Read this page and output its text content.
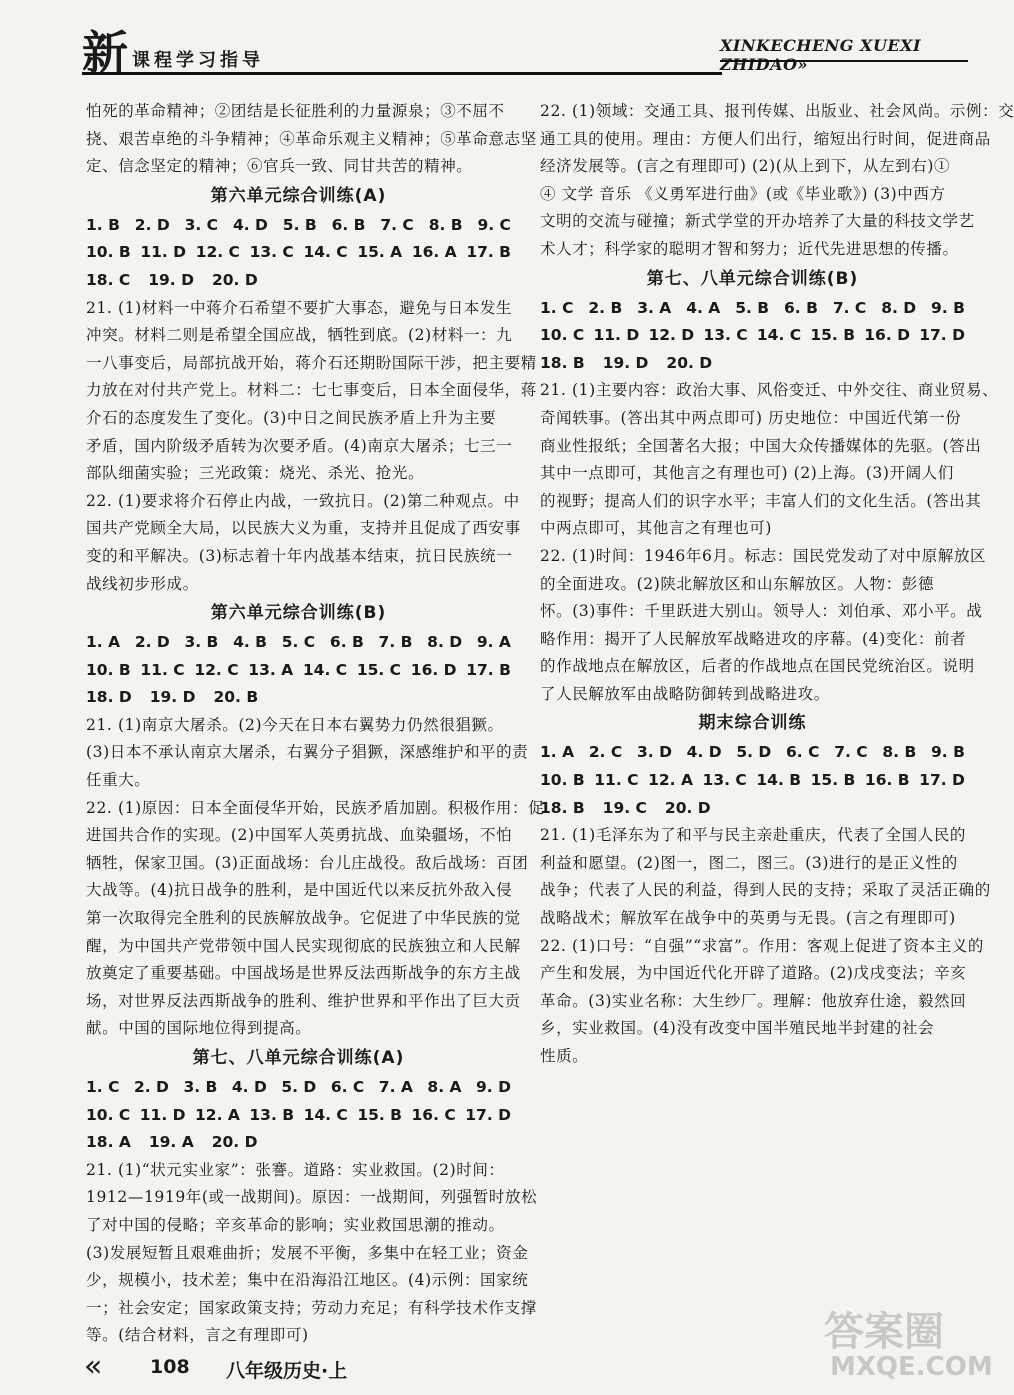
新 课程学习指导
XINKECHENG XUEXI ZHIDAO»
怕死的革命精神；②团结是长征胜利的力量源泉；③不屈不
挠、艰苦卓绝的斗争精神；④革命乐观主义精神；⑤革命意志坚
定、信念坚定的精神；⑥官兵一致、同甘共苦的精神。
第六单元综合训练(A)
1. B 2. D 3. C 4. D 5. B 6. B 7. C 8. B 9. C
10. B 11. D 12. C 13. C 14. C 15. A 16. A 17. B
18. C 19. D 20. D
21. (1)材料一中蒋介石希望不要扩大事态，避免与日本发生
冲突。材料二则是希望全国应战，牺牲到底。(2)材料一：九
一八事变后，局部抗战开始，蒋介石还期盼国际干涉，把主要精
力放在对付共产党上。材料二：七七事变后，日本全面侵华，蒋
介石的态度发生了变化。(3)中日之间民族矛盾上升为主要
矛盾，国内阶级矛盾转为次要矛盾。(4)南京大屠杀；七三一
部队细菌实验；三光政策：烧光、杀光、抢光。
22. (1)要求将介石停止内战，一致抗日。(2)第二种观点。中
国共产党顾全大局，以民族大义为重，支持并且促成了西安事
变的和平解决。(3)标志着十年内战基本结束，抗日民族统一
战线初步形成。
第六单元综合训练(B)
1. A 2. D 3. B 4. B 5. C 6. B 7. B 8. D 9. A
10. B 11. C 12. C 13. A 14. C 15. C 16. D 17. B
18. D 19. D 20. B
21. (1)南京大屠杀。(2)今天在日本右翼势力仍然很猖獗。
(3)日本不承认南京大屠杀，右翼分子猖獗，深感维护和平的责
任重大。
22. (1)原因：日本全面侵华开始，民族矛盾加剧。积极作用：促
进国共合作的实现。(2)中国军人英勇抗战、血染疆场，不怕
牺牲，保家卫国。(3)正面战场：台儿庄战役。敌后战场：百团
大战等。(4)抗日战争的胜利，是中国近代以来反抗外敌入侵
第一次取得完全胜利的民族解放战争。它促进了中华民族的觉
醒，为中国共产党带领中国人民实现彻底的民族独立和人民解
放奠定了重要基础。中国战场是世界反法西斯战争的东方主战
场，对世界反法西斯战争的胜利、维护世界和平作出了巨大贡
献。中国的国际地位得到提高。
第七、八单元综合训练(A)
1. C 2. D 3. B 4. D 5. D 6. C 7. A 8. A 9. D
10. C 11. D 12. A 13. B 14. C 15. B 16. C 17. D
18. A 19. A 20. D
21. (1)“状元实业家”：张謇。道路：实业救国。(2)时间：
1912—1919年(或一战期间)。原因：一战期间，列强暂时放松
了对中国的侵略；辛亥革命的影响；实业救国思潮的推动。
(3)发展短暂且艰难曲折；发展不平衡，多集中在轻工业；资金
少，规模小，技术差；集中在沿海沿江地区。(4)示例：国家统
一；社会安定；国家政策支持；劳动力充足；有科学技术作支撑
等。(结合材料，言之有理即可)
22. (1)领域：交通工具、报刊传媒、出版业、社会风尚。示例：交
通工具的使用。理由：方便人们出行，缩短出行时间，促进商品
经济发展等。(言之有理即可) (2)(从上到下，从左到右)①
④ 文学 音乐 《义勇军进行曲》(或《毕业歌》) (3)中西方
文明的交流与碰撞；新式学堂的开办培养了大量的科技文学艺
术人才；科学家的聪明才智和努力；近代先进思想的传播。
第七、八单元综合训练(B)
1. C 2. B 3. A 4. A 5. B 6. B 7. C 8. D 9. B
10. C 11. D 12. D 13. C 14. C 15. B 16. D 17. D
18. B 19. D 20. D
21. (1)主要内容：政治大事、风俗变迁、中外交往、商业贸易、
奇闻轶事。(答出其中两点即可) 历史地位：中国近代第一份
商业性报纸；全国著名大报；中国大众传播媒体的先驱。(答出
其中一点即可，其他言之有理也可) (2)上海。(3)开阔人们
的视野；提高人们的识字水平；丰富人们的文化生活。(答出其
中两点即可，其他言之有理也可)
22. (1)时间：1946年6月。标志：国民党发动了对中原解放区
的全面进攻。(2)陕北解放区和山东解放区。人物：彭德
怀。(3)事件：千里跃进大别山。领导人：刘伯承、邓小平。战
略作用：揭开了人民解放军战略进攻的序幕。(4)变化：前者
的作战地点在解放区，后者的作战地点在国民党统治区。说明
了人民解放军由战略防御转到战略进攻。
期末综合训练
1. A 2. C 3. D 4. D 5. D 6. C 7. C 8. B 9. B
10. B 11. C 12. A 13. C 14. B 15. B 16. B 17. D
18. B 19. C 20. D
21. (1)毛泽东为了和平与民主亲赴重庆，代表了全国人民的
利益和愿望。(2)图一，图二，图三。(3)进行的是正义性的
战争；代表了人民的利益，得到人民的支持；采取了灵活正确的
战略战术；解放军在战争中的英勇与无畏。(言之有理即可)
22. (1)口号：“自强”“求富”。作用：客观上促进了资本主义的
产生和发展，为中国近代化开辟了道路。(2)戊戌变法；辛亥
革命。(3)实业名称：大生纱厂。理解：他放弃仕途，毅然回
乡，实业救国。(4)没有改变中国半殖民地半封建的社会
性质。
«	108 八年级历史·上
答案圈
MXQE.COM
